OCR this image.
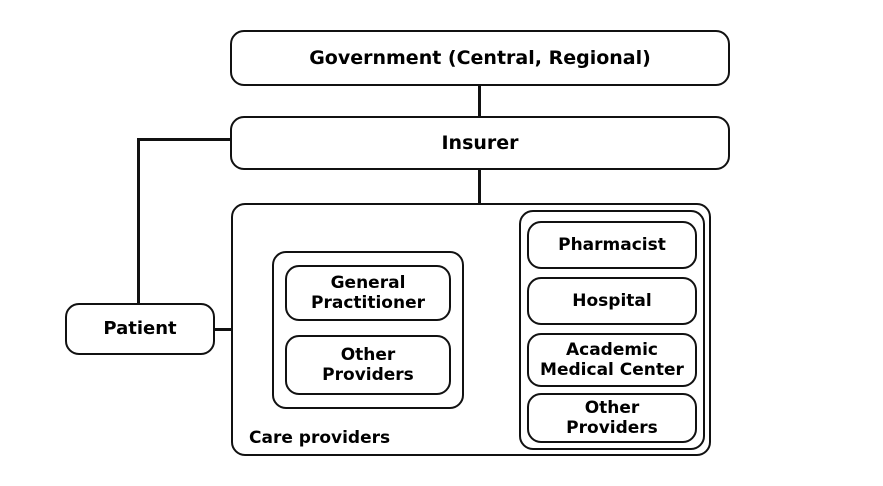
Care providers
Government (Central, Regional)
Insurer
Patient
General
Practitioner
Other
Providers
Pharmacist
Hospital
Academic
Medical Center
Other
Providers
